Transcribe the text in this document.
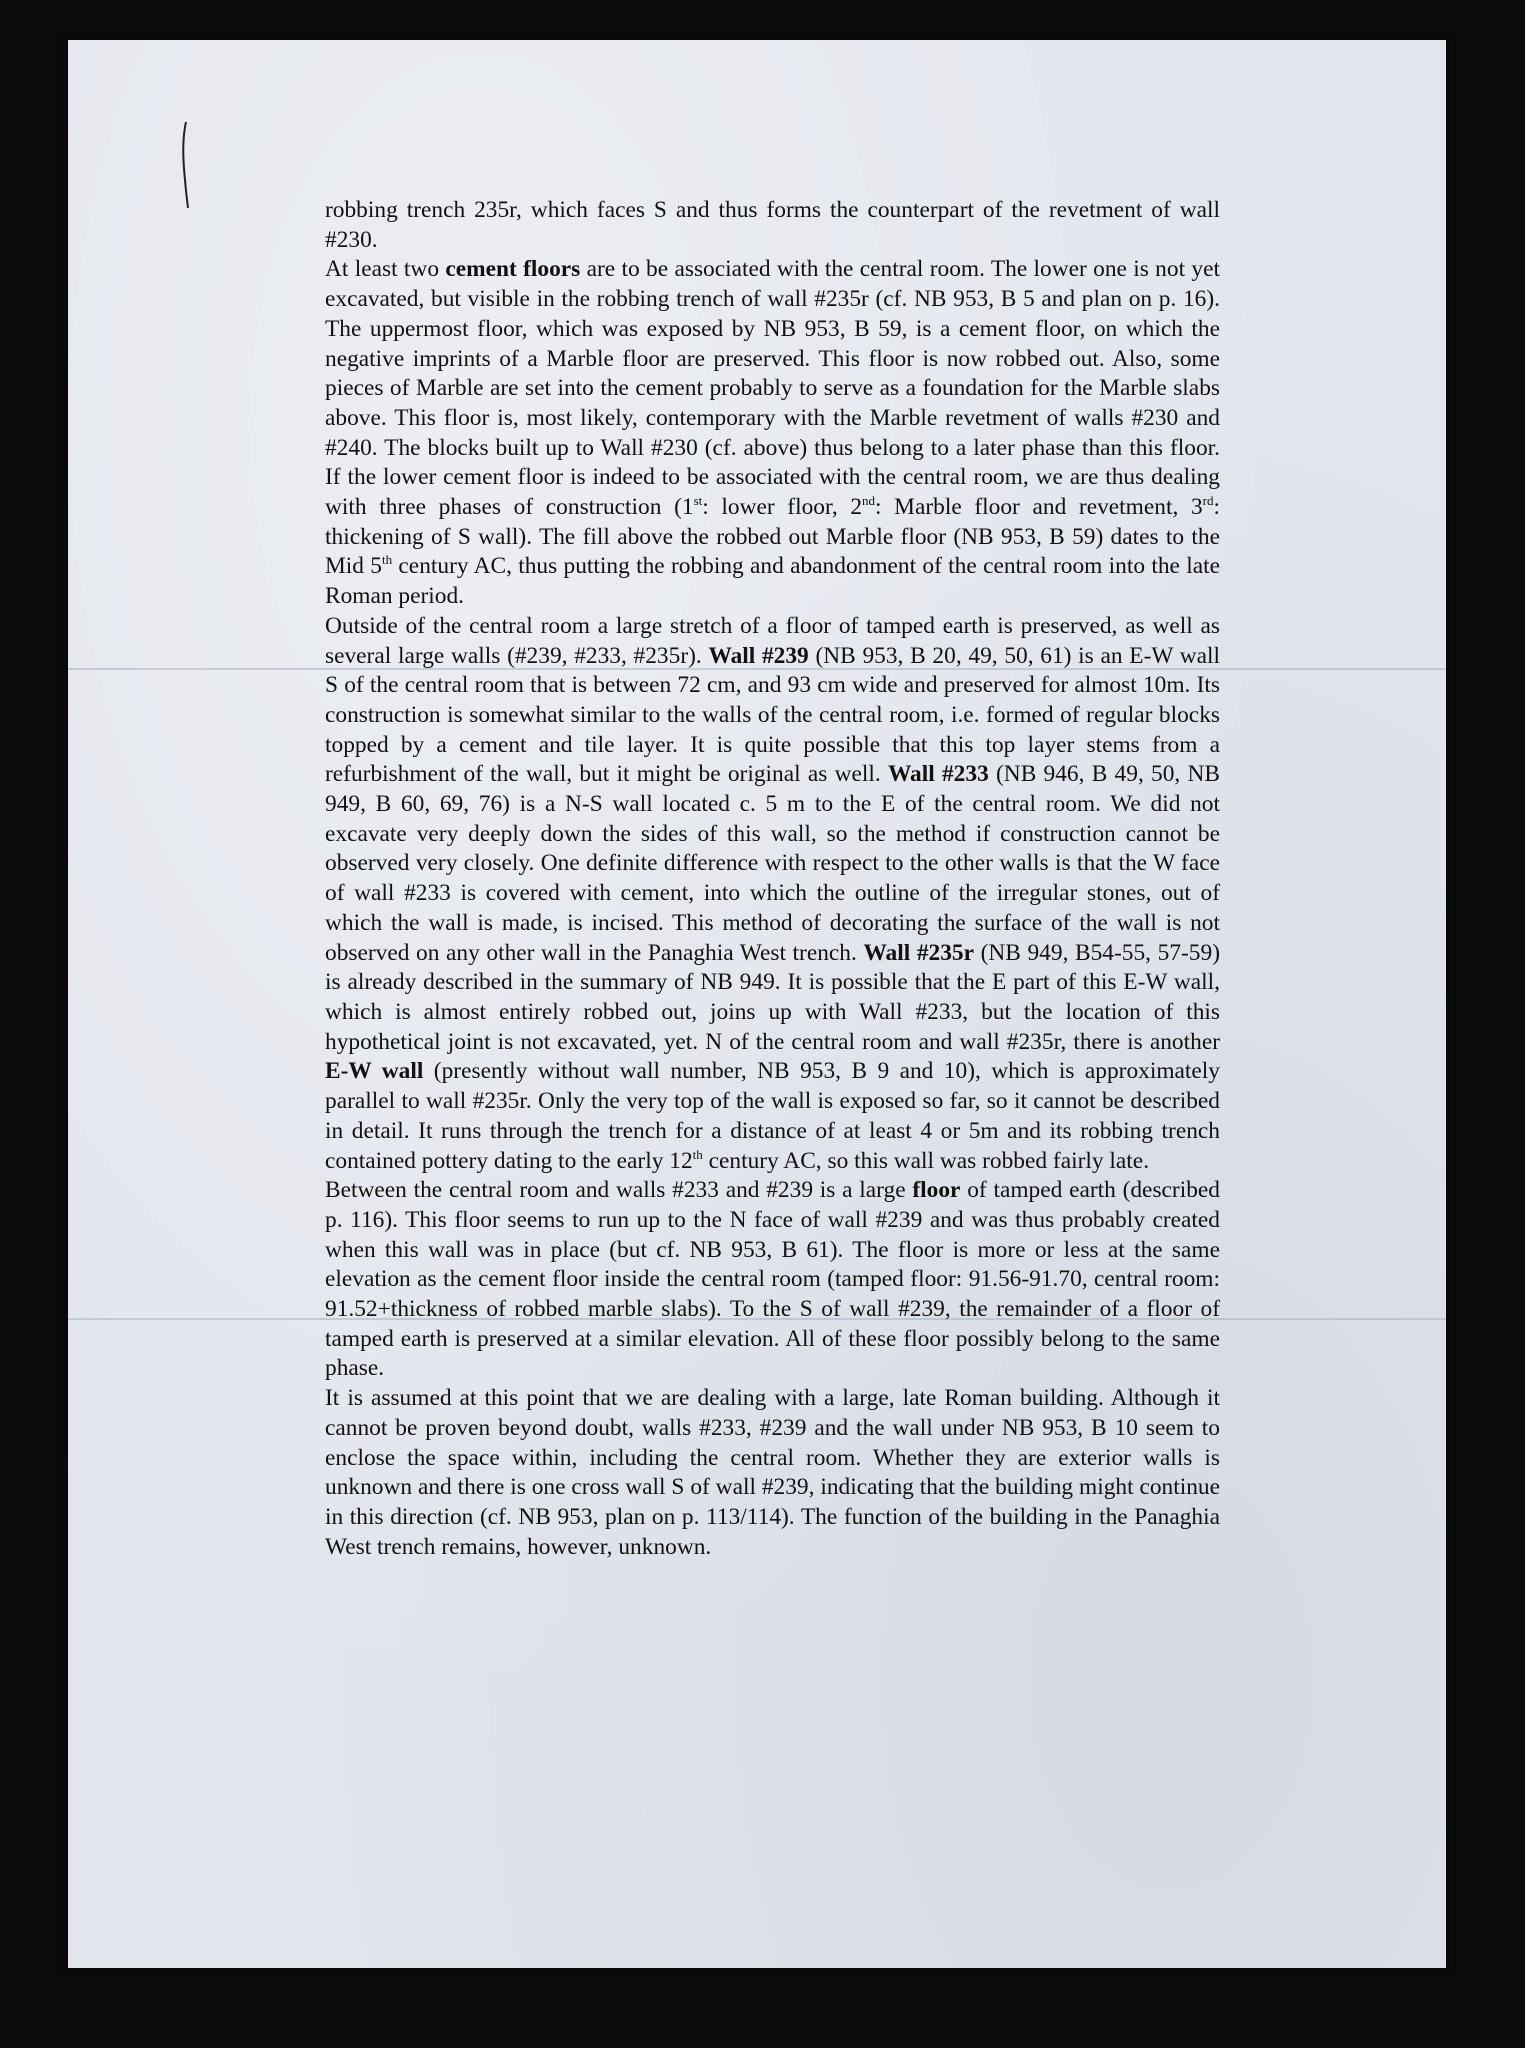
robbing trench 235r, which faces S and thus forms the counterpart of the revetment of wall #230.

At least two cement floors are to be associated with the central room. The lower one is not yet excavated, but visible in the robbing trench of wall #235r (cf. NB 953, B 5 and plan on p. 16). The uppermost floor, which was exposed by NB 953, B 59, is a cement floor, on which the negative imprints of a Marble floor are preserved. This floor is now robbed out. Also, some pieces of Marble are set into the cement probably to serve as a foundation for the Marble slabs above. This floor is, most likely, contemporary with the Marble revetment of walls #230 and #240. The blocks built up to Wall #230 (cf. above) thus belong to a later phase than this floor. If the lower cement floor is indeed to be associated with the central room, we are thus dealing with three phases of construction (1st: lower floor, 2nd: Marble floor and revetment, 3rd: thickening of S wall). The fill above the robbed out Marble floor (NB 953, B 59) dates to the Mid 5th century AC, thus putting the robbing and abandonment of the central room into the late Roman period.

Outside of the central room a large stretch of a floor of tamped earth is preserved, as well as several large walls (#239, #233, #235r). Wall #239 (NB 953, B 20, 49, 50, 61) is an E-W wall S of the central room that is between 72 cm, and 93 cm wide and preserved for almost 10m. Its construction is somewhat similar to the walls of the central room, i.e. formed of regular blocks topped by a cement and tile layer. It is quite possible that this top layer stems from a refurbishment of the wall, but it might be original as well. Wall #233 (NB 946, B 49, 50, NB 949, B 60, 69, 76) is a N-S wall located c. 5 m to the E of the central room. We did not excavate very deeply down the sides of this wall, so the method if construction cannot be observed very closely. One definite difference with respect to the other walls is that the W face of wall #233 is covered with cement, into which the outline of the irregular stones, out of which the wall is made, is incised. This method of decorating the surface of the wall is not observed on any other wall in the Panaghia West trench. Wall #235r (NB 949, B54-55, 57-59) is already described in the summary of NB 949. It is possible that the E part of this E-W wall, which is almost entirely robbed out, joins up with Wall #233, but the location of this hypothetical joint is not excavated, yet. N of the central room and wall #235r, there is another E-W wall (presently without wall number, NB 953, B 9 and 10), which is approximately parallel to wall #235r. Only the very top of the wall is exposed so far, so it cannot be described in detail. It runs through the trench for a distance of at least 4 or 5m and its robbing trench contained pottery dating to the early 12th century AC, so this wall was robbed fairly late.

Between the central room and walls #233 and #239 is a large floor of tamped earth (described p. 116). This floor seems to run up to the N face of wall #239 and was thus probably created when this wall was in place (but cf. NB 953, B 61). The floor is more or less at the same elevation as the cement floor inside the central room (tamped floor: 91.56-91.70, central room: 91.52+thickness of robbed marble slabs). To the S of wall #239, the remainder of a floor of tamped earth is preserved at a similar elevation. All of these floor possibly belong to the same phase.

It is assumed at this point that we are dealing with a large, late Roman building. Although it cannot be proven beyond doubt, walls #233, #239 and the wall under NB 953, B 10 seem to enclose the space within, including the central room. Whether they are exterior walls is unknown and there is one cross wall S of wall #239, indicating that the building might continue in this direction (cf. NB 953, plan on p. 113/114). The function of the building in the Panaghia West trench remains, however, unknown.
